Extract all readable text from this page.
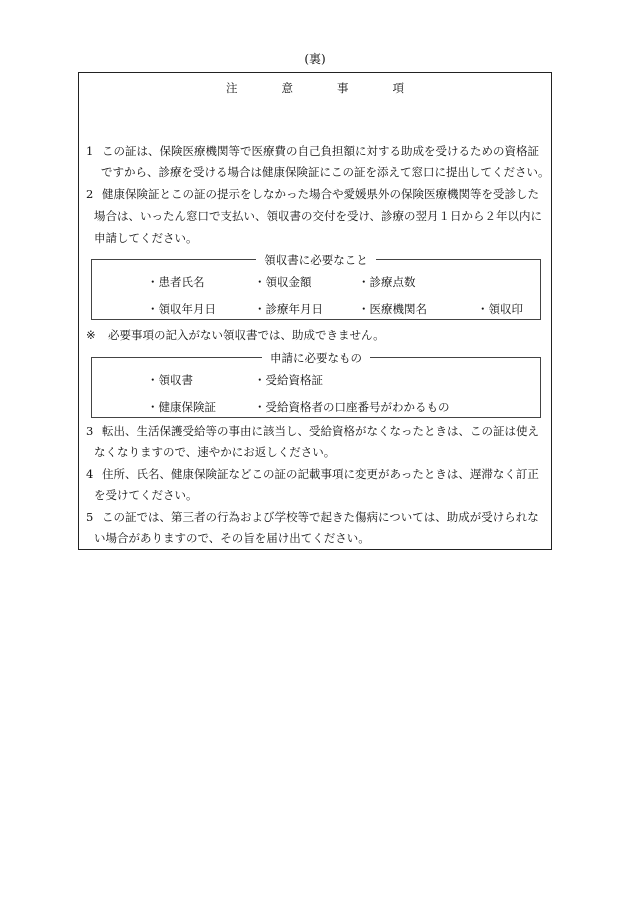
(裏)
注	意	事	項
1 この証は、保険医療機関等で医療費の自己負担額に対する助成を受けるための資格証
ですから、診療を受ける場合は健康保険証にこの証を添えて窓口に提出してください。
2 健康保険証とこの証の提示をしなかった場合や愛媛県外の保険医療機関等を受診した
場合は、いったん窓口で支払い、領収書の交付を受け、診療の翌月１日から２年以内に
申請してください。
領収書に必要なこと
・患者氏名	・領収金額	・診療点数
・領収年月日	・診療年月日	・医療機関名	・領収印
※ 必要事項の記入がない領収書では、助成できません。
申請に必要なもの
・領収書	・受給資格証
・健康保険証	・受給資格者の口座番号がわかるもの
3 転出、生活保護受給等の事由に該当し、受給資格がなくなったときは、この証は使え
なくなりますので、速やかにお返しください。
4 住所、氏名、健康保険証などこの証の記載事項に変更があったときは、遅滞なく訂正
を受けてください。
5 この証では、第三者の行為および学校等で起きた傷病については、助成が受けられな
い場合がありますので、その旨を届け出てください。
